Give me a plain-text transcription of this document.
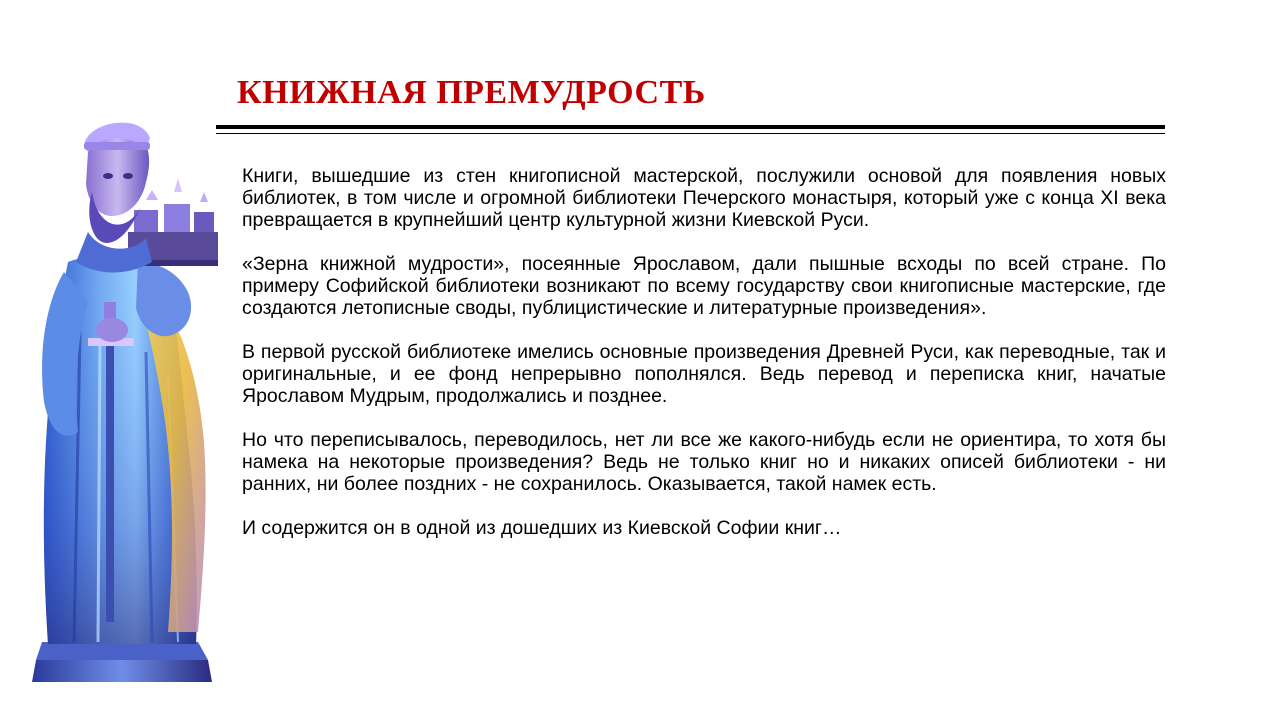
КНИЖНАЯ ПРЕМУДРОСТЬ

Книги, вышедшие из стен книгописной мастерской, послужили основой для появления новых библиотек, в том числе и огромной библиотеки Печерского монастыря, который уже с конца XI века превращается в крупнейший центр культурной жизни Киевской Руси.

«Зерна книжной мудрости», посеянные Ярославом, дали пышные всходы по всей стране. По примеру Софийской библиотеки возникают по всему государству свои книгописные мастерские, где создаются летописные своды, публицистические и литературные произведения».

В первой русской библиотеке имелись основные произведения Древней Руси, как переводные, так и оригинальные, и ее фонд непрерывно пополнялся. Ведь перевод и переписка книг, начатые Ярославом Мудрым, продолжались и позднее.

Но что переписывалось, переводилось, нет ли все же какого-нибудь если не ориентира, то хотя бы намека на некоторые произведения? Ведь не только книг но и никаких описей библиотеки - ни ранних, ни более поздних - не сохранилось. Оказывается, такой намек есть.

И содержится он в одной из дошедших из Киевской Софии книг…
